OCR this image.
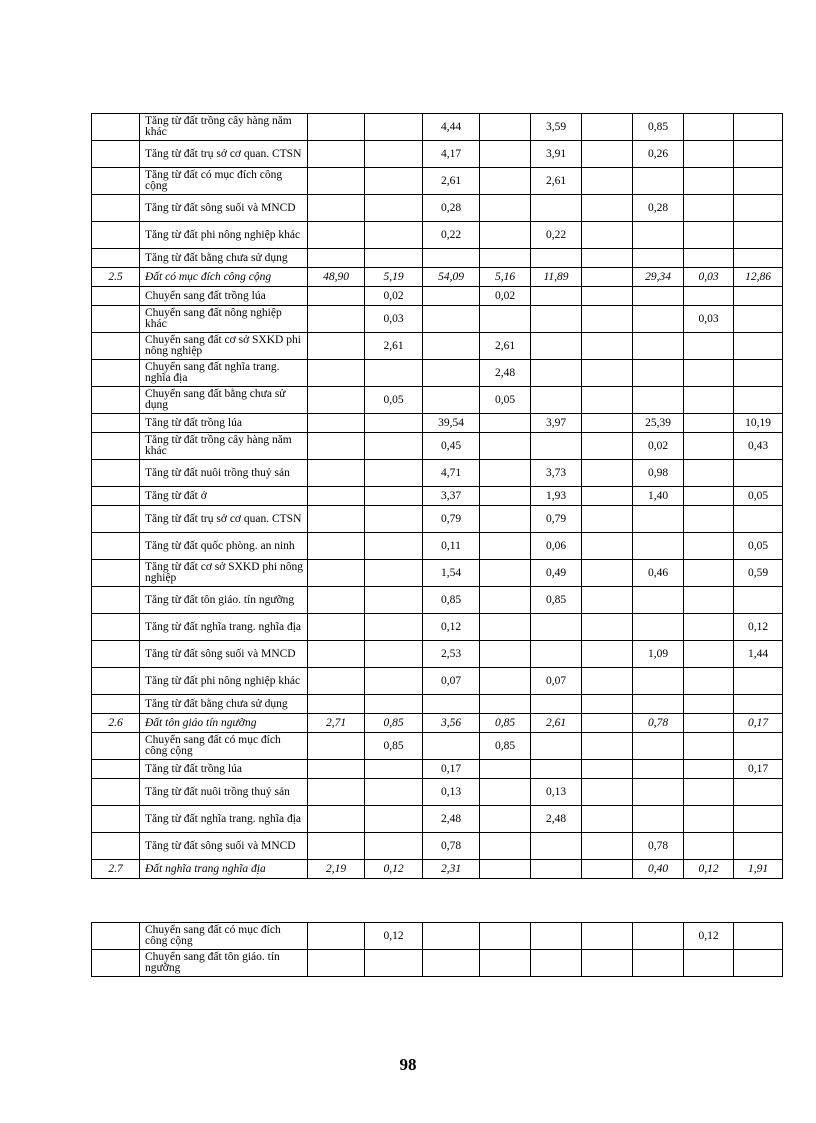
	Tăng từ đất trồng cây hàng năm khác			4,44		3,59		0,85		
	Tăng từ đất trụ sở cơ quan. CTSN			4,17		3,91		0,26		
	Tăng từ đất có mục đích công cộng			2,61		2,61				
	Tăng từ đất sông suối và MNCD			0,28				0,28		
	Tăng từ đất phi nông nghiệp khác			0,22		0,22				
	Tăng từ đất bằng chưa sử dụng									
2.5	Đất có mục đích công cộng	48,90	5,19	54,09	5,16	11,89		29,34	0,03	12,86
	Chuyển sang đất trồng lúa		0,02		0,02					
	Chuyển sang đất nông nghiệp khác		0,03						0,03	
	Chuyển sang đất cơ sở SXKD phi nông nghiệp		2,61		2,61					
	Chuyển sang đất nghĩa trang. nghĩa địa				2,48					
	Chuyển sang đất bằng chưa sử dụng		0,05		0,05					
	Tăng từ đất trồng lúa			39,54		3,97		25,39		10,19
	Tăng từ đất trồng cây hàng năm khác			0,45				0,02		0,43
	Tăng từ đất nuôi trồng thuỷ sản			4,71		3,73		0,98		
	Tăng từ đất ở			3,37		1,93		1,40		0,05
	Tăng từ đất trụ sở cơ quan. CTSN			0,79		0,79				
	Tăng từ đất quốc phòng. an ninh			0,11		0,06				0,05
	Tăng từ đất cơ sở SXKD phi nông nghiệp			1,54		0,49		0,46		0,59
	Tăng từ đất tôn giáo. tín ngưỡng			0,85		0,85				
	Tăng từ đất nghĩa trang. nghĩa địa			0,12						0,12
	Tăng từ đất sông suối và MNCD			2,53				1,09		1,44
	Tăng từ đất phi nông nghiệp khác			0,07		0,07				
	Tăng từ đất bằng chưa sử dụng									
2.6	Đất tôn giáo tín ngưỡng	2,71	0,85	3,56	0,85	2,61		0,78		0,17
	Chuyển sang đất có mục đích công cộng		0,85		0,85					
	Tăng từ đất trồng lúa			0,17						0,17
	Tăng từ đất nuôi trồng thuỷ sản			0,13		0,13				
	Tăng từ đất nghĩa trang. nghĩa địa			2,48		2,48				
	Tăng từ đất sông suối và MNCD			0,78				0,78		
2.7	Đất nghĩa trang nghĩa địa	2,19	0,12	2,31				0,40	0,12	1,91
	Chuyển sang đất có mục đích công cộng		0,12						0,12	
	Chuyển sang đất tôn giáo. tín ngưỡng									
98
